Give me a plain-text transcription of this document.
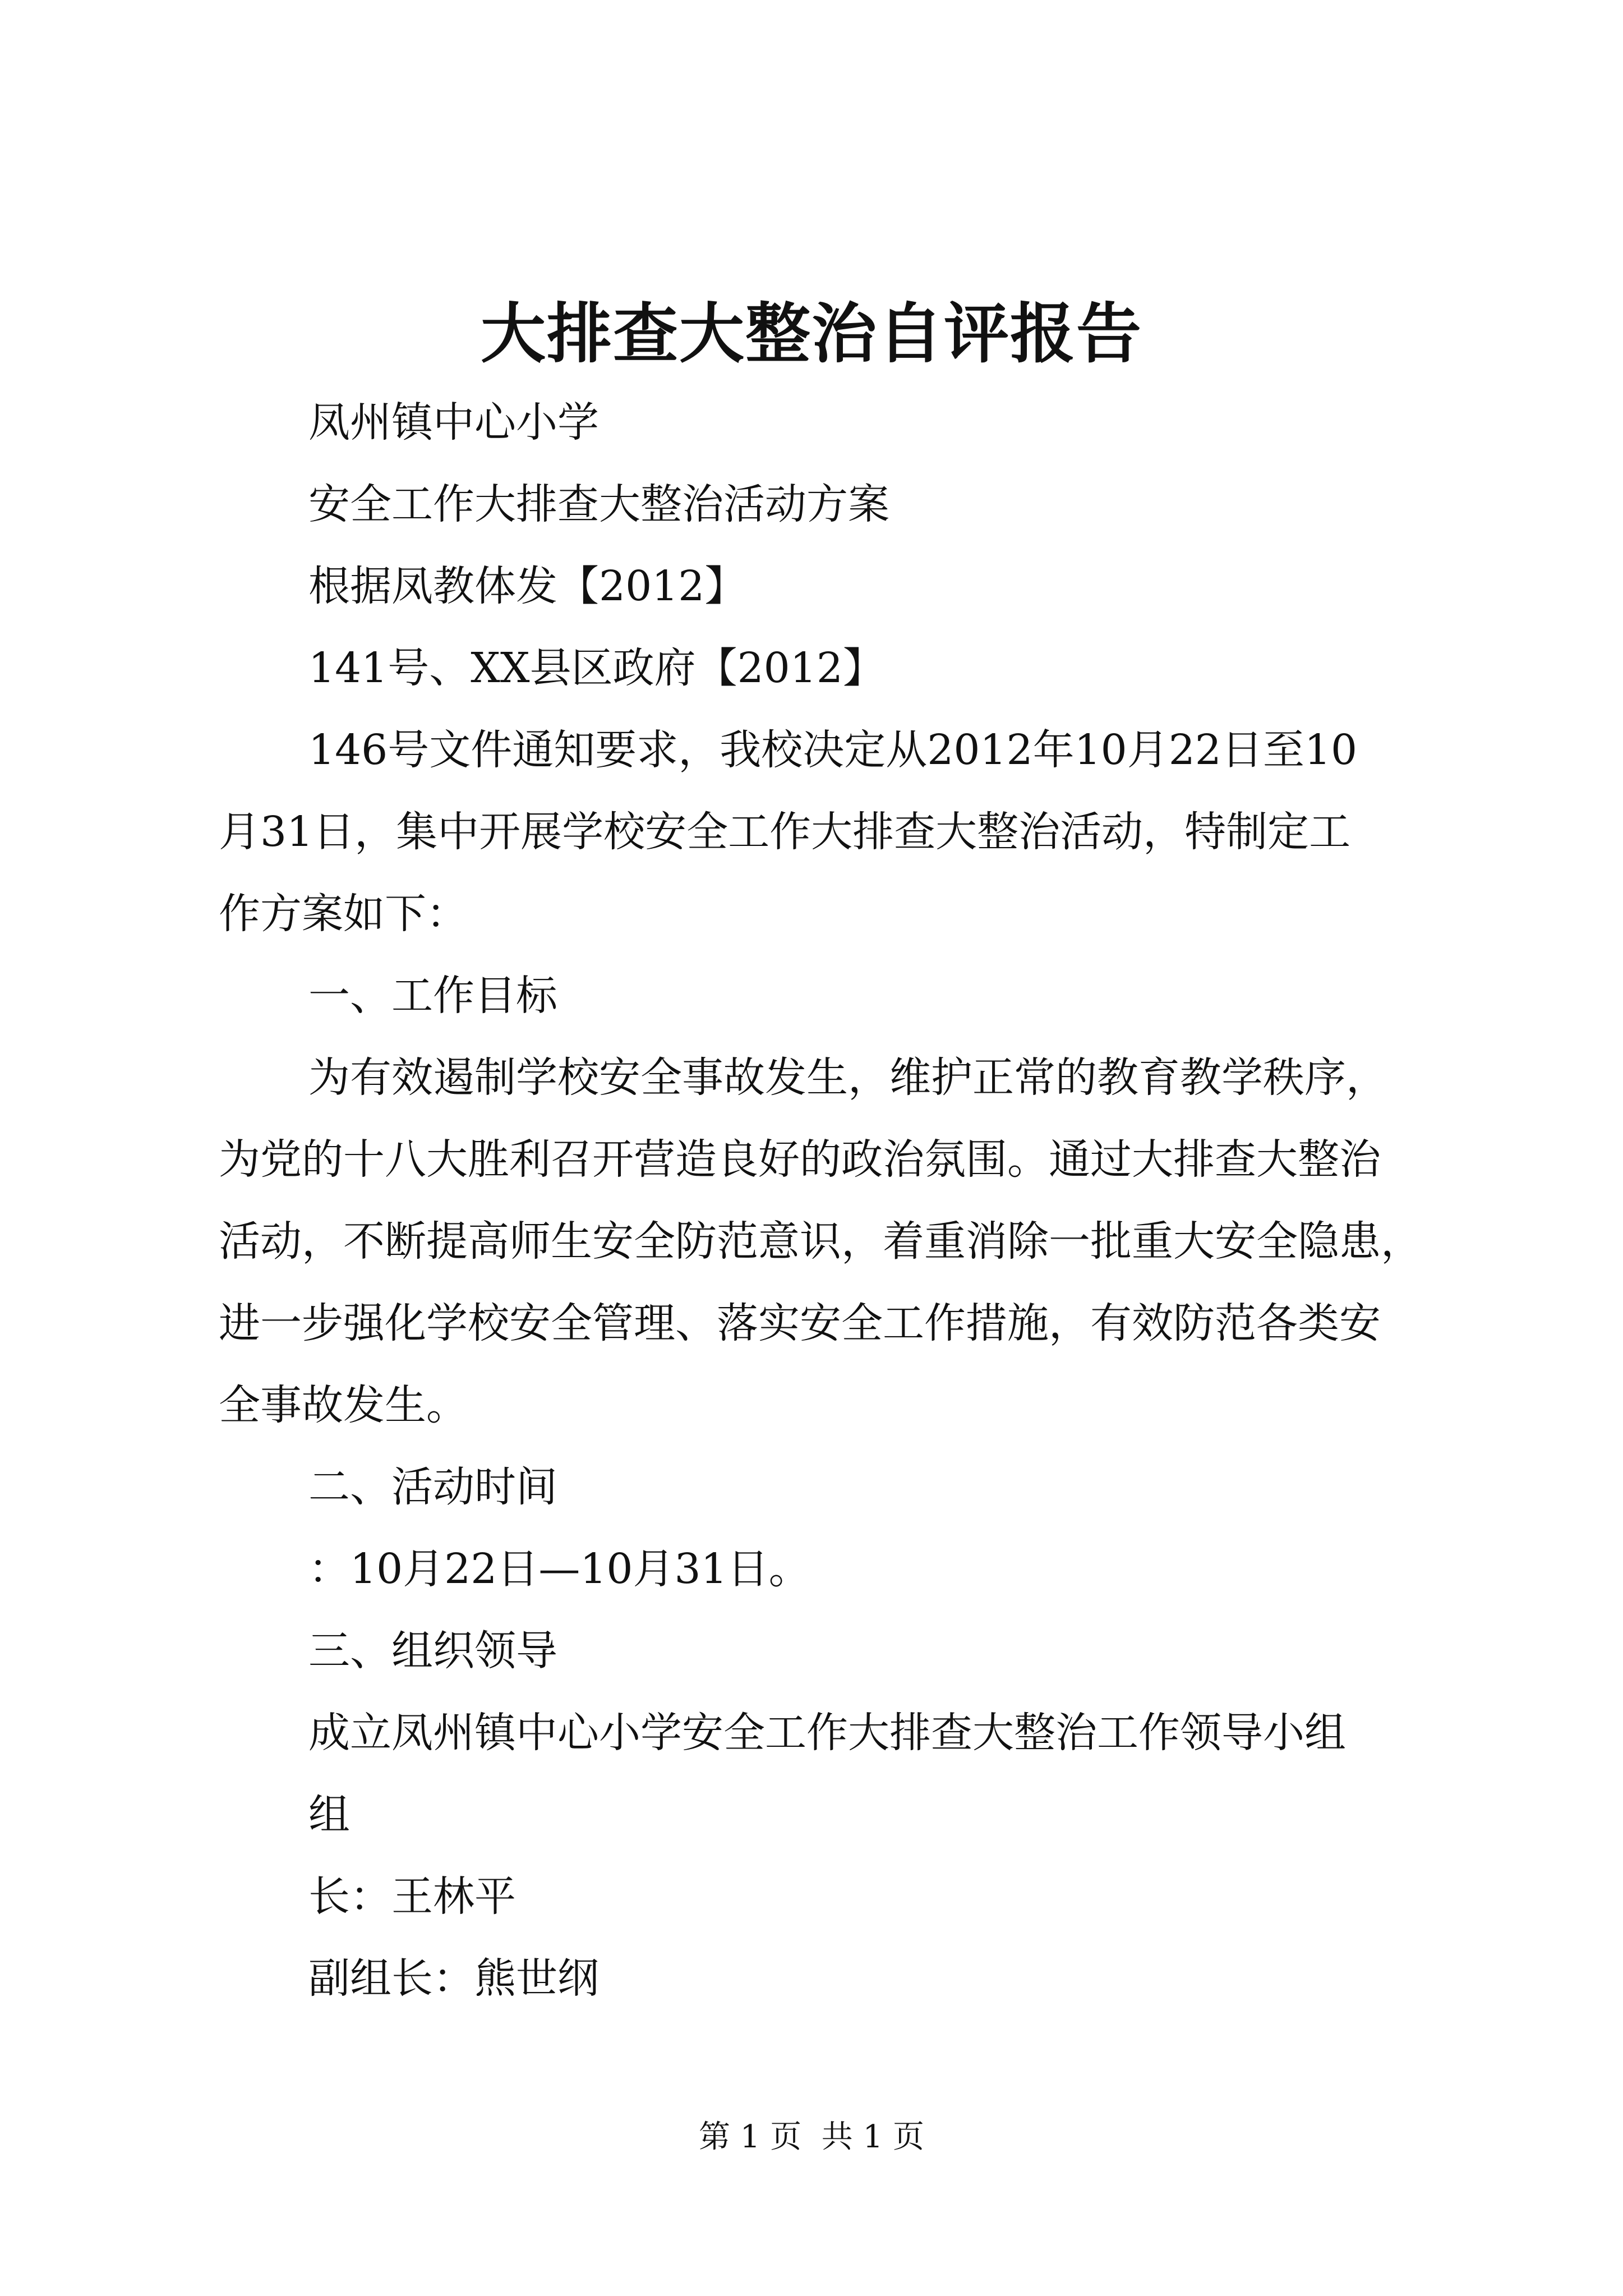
大排查大整治自评报告
凤州镇中心小学
安全工作大排查大整治活动方案
根据凤教体发【2012】
141号、XX县区政府【2012】
146号文件通知要求，我校决定从2012年10月22日至10
月31日，集中开展学校安全工作大排查大整治活动，特制定工
作方案如下：
一、工作目标
为有效遏制学校安全事故发生，维护正常的教育教学秩序，
为党的十八大胜利召开营造良好的政治氛围。通过大排查大整治
活动，不断提高师生安全防范意识，着重消除一批重大安全隐患，
进一步强化学校安全管理、落实安全工作措施，有效防范各类安
全事故发生。
二、活动时间
：10月22日—10月31日。
三、组织领导
成立凤州镇中心小学安全工作大排查大整治工作领导小组
组
长：王林平
副组长：熊世纲
第 1 页  共 1 页
